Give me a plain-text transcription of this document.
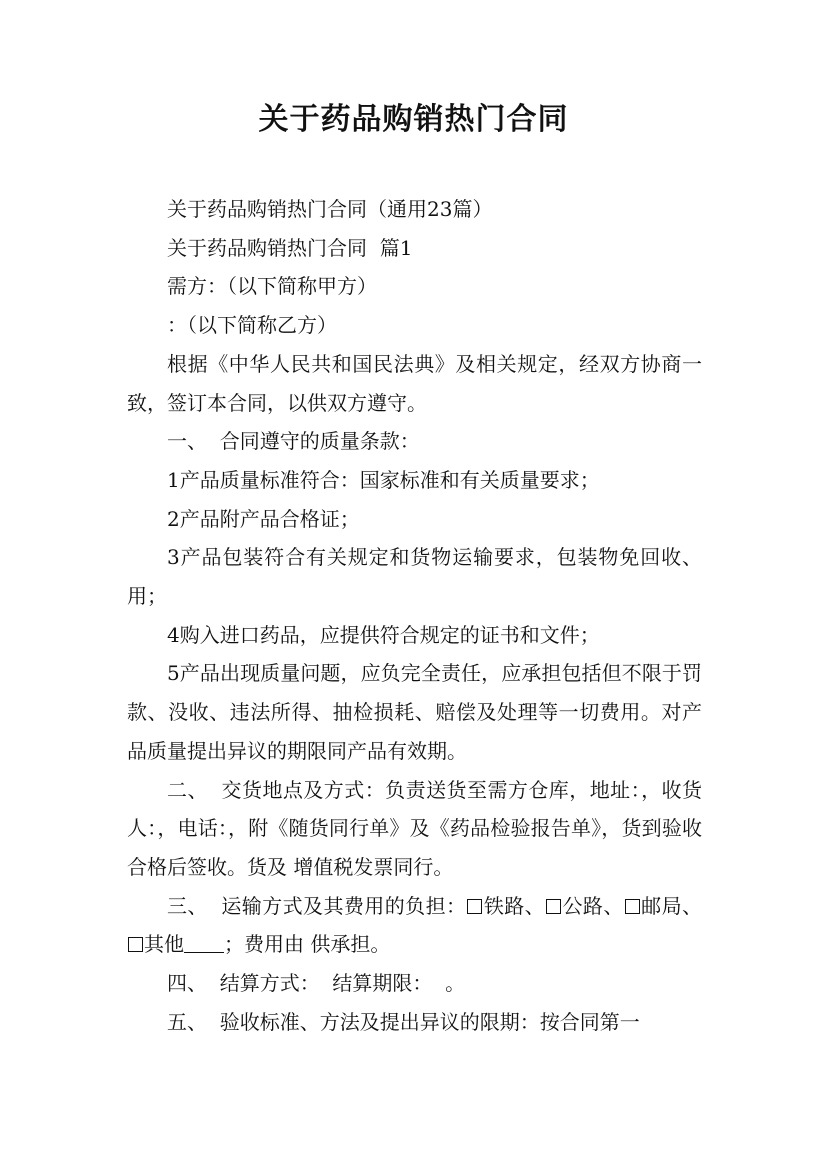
关于药品购销热门合同

关于药品购销热门合同（通用23篇）

关于药品购销热门合同  篇1

需方：（以下简称甲方）

：（以下简称乙方）

根据《中华人民共和国民法典》及相关规定，经双方协商一致，签订本合同，以供双方遵守。

一、  合同遵守的质量条款：

1产品质量标准符合：国家标准和有关质量要求；

2产品附产品合格证；

3产品包装符合有关规定和货物运输要求，包装物免回收、用；

4购入进口药品，应提供符合规定的证书和文件；

5产品出现质量问题，应负完全责任，应承担包括但不限于罚款、没收、违法所得、抽检损耗、赔偿及处理等一切费用。对产品质量提出异议的期限同产品有效期。

二、  交货地点及方式：负责送货至需方仓库，地址：，收货人：，电话：，附《随货同行单》及《药品检验报告单》，货到验收合格后签收。货及 增值税发票同行。

三、  运输方式及其费用的负担： 铁路、 公路、 邮局、其他 ；费用由 供承担。

四、  结算方式：  结算期限：  。

五、  验收标准、方法及提出异议的限期：按合同第一
